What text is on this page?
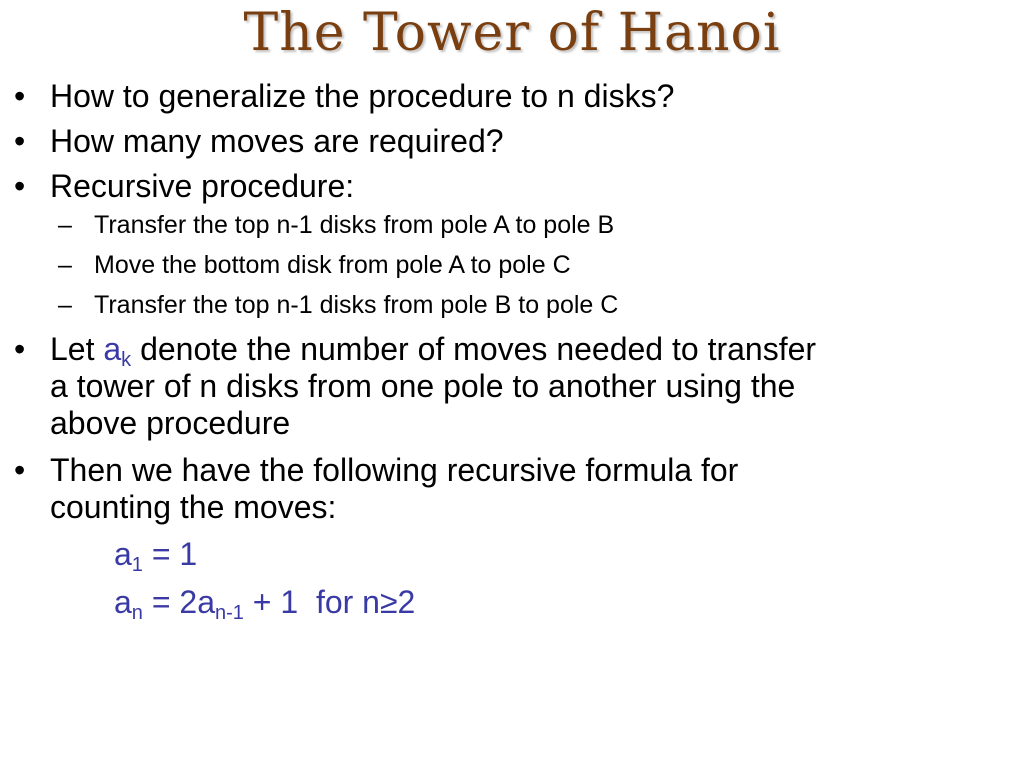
The Tower of Hanoi
• How to generalize the procedure to n disks?
• How many moves are required?
• Recursive procedure:
– Transfer the top n-1 disks from pole A to pole B
– Move the bottom disk from pole A to pole C
– Transfer the top n-1 disks from pole B to pole C
• Let $a_k$ denote the number of moves needed to transfer
a tower of n disks from one pole to another using the
above procedure
• Then we have the following recursive formula for
counting the moves:
$a_1 = 1$
$a_n = 2a_{n-1} + 1$  for n≥2
